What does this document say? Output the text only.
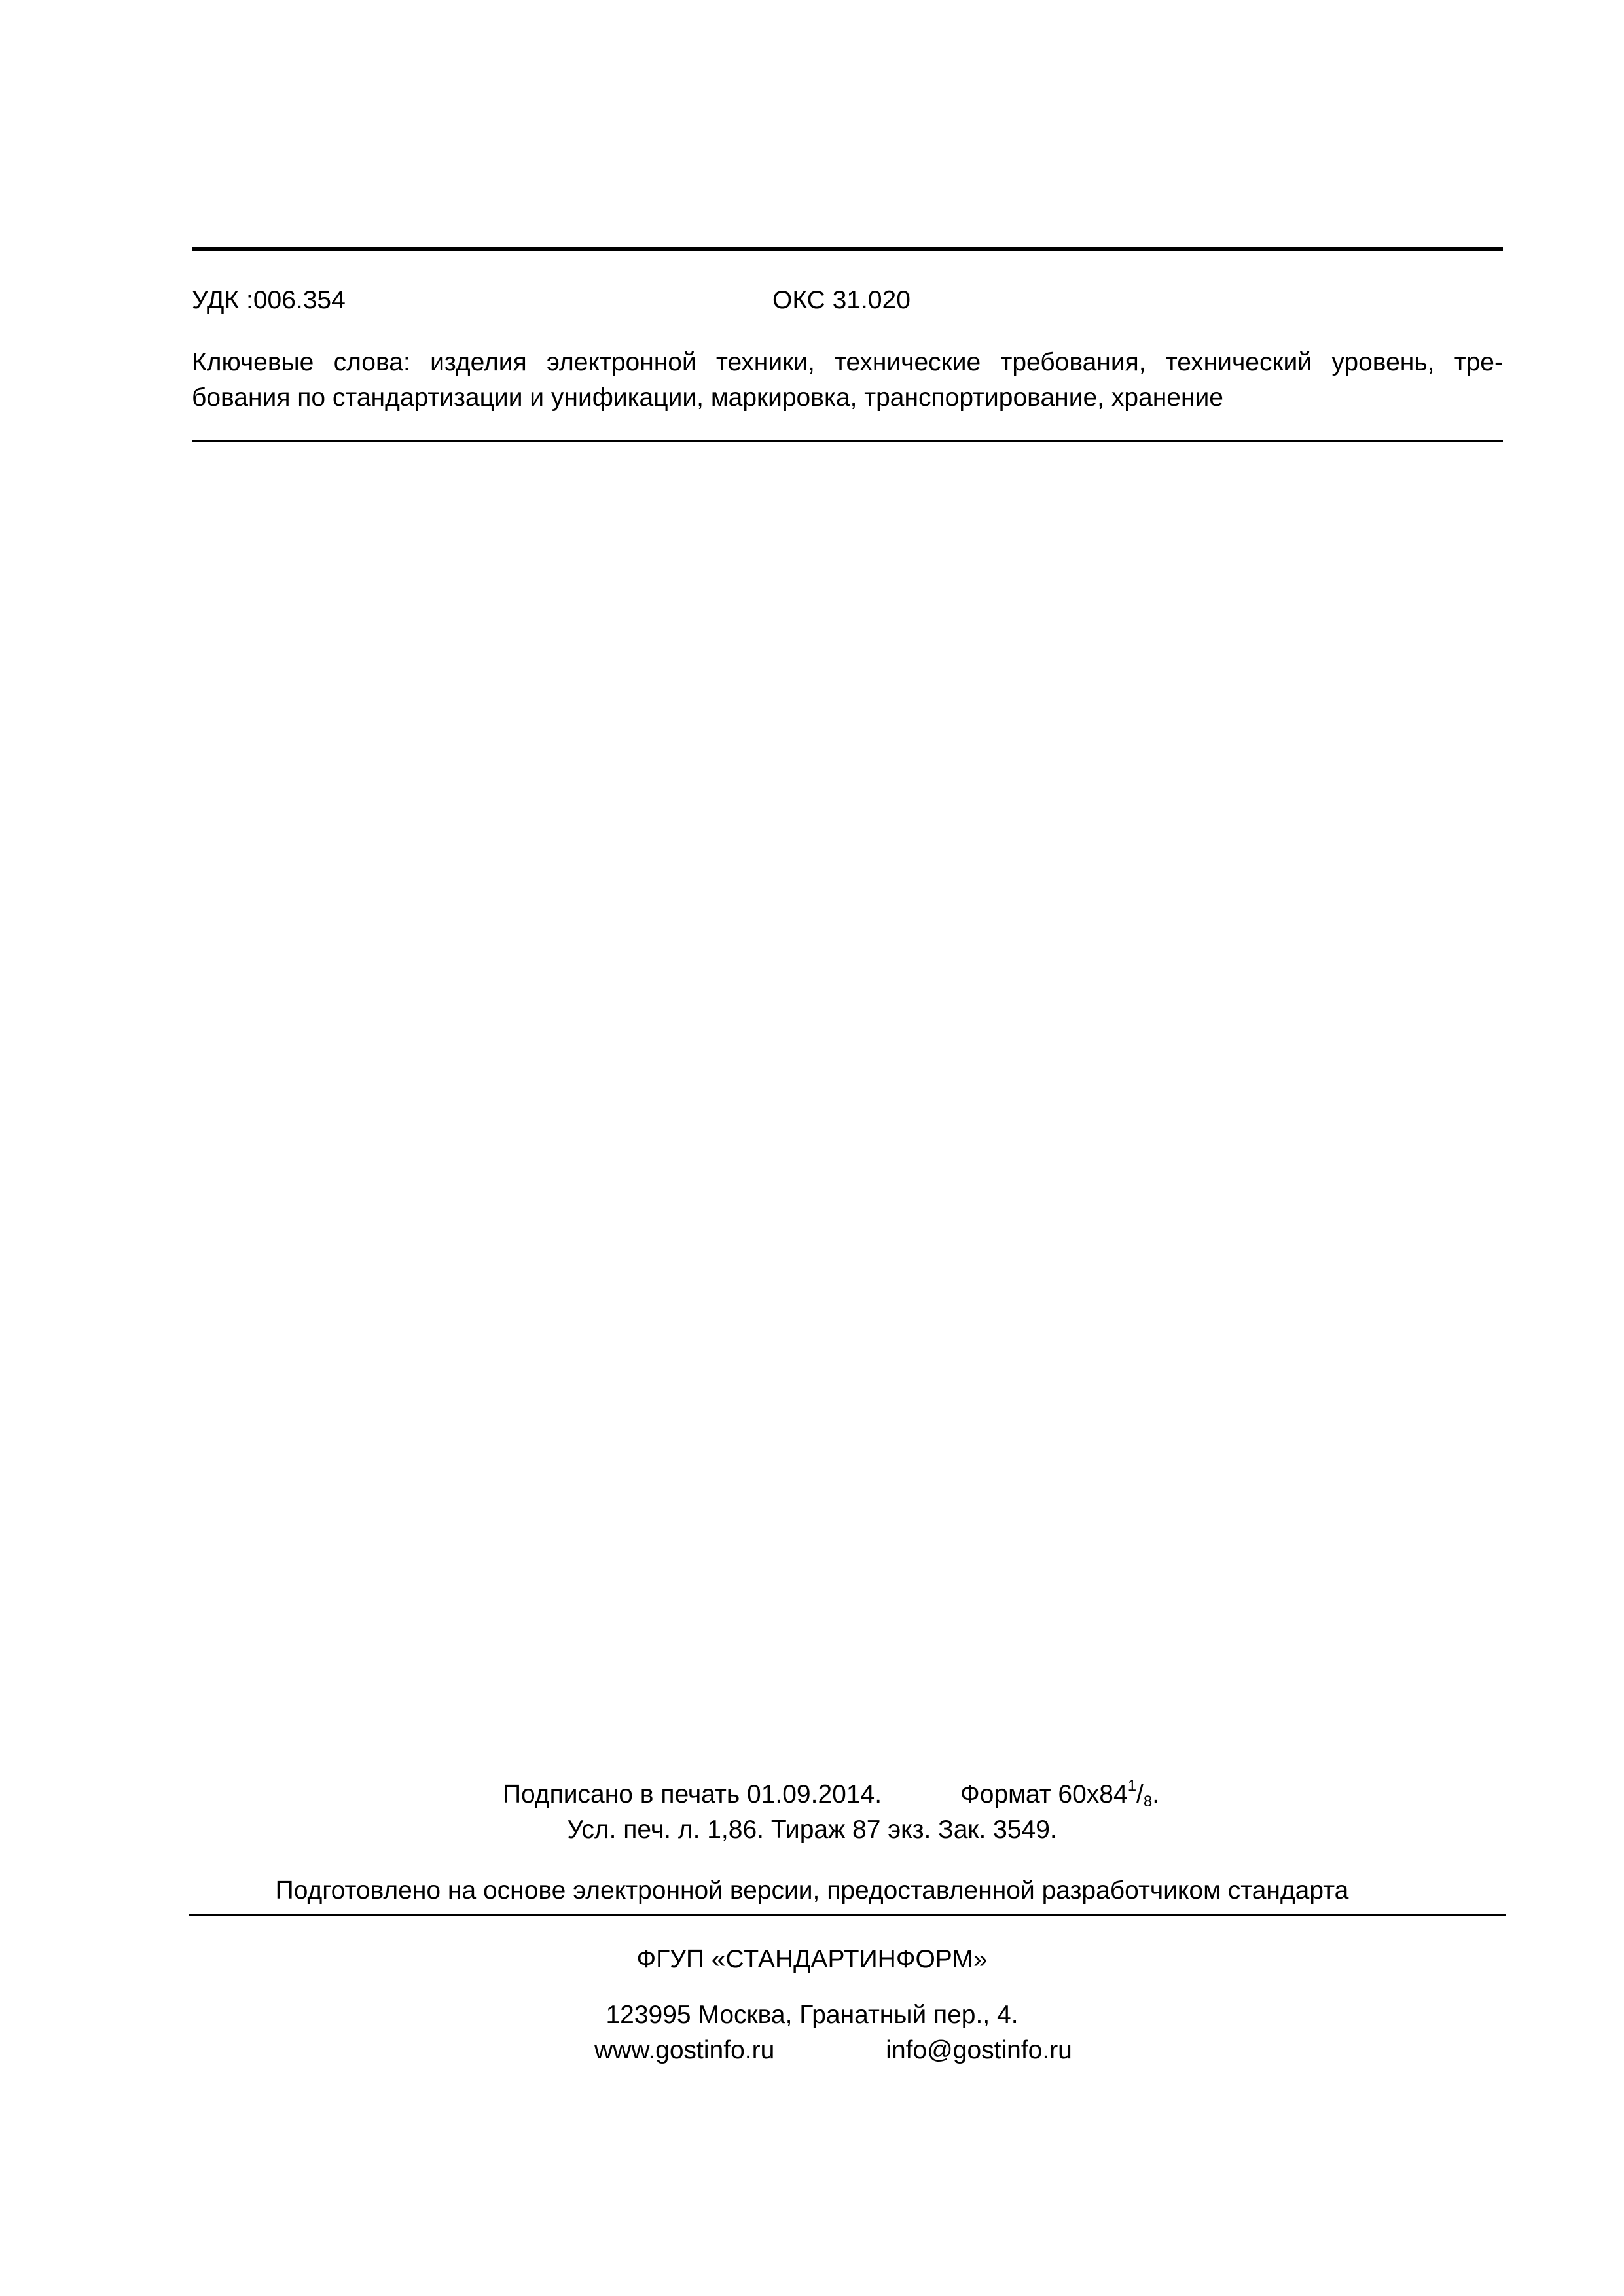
УДК :006.354	ОКС 31.020
Ключевые слова: изделия электронной техники, технические требования, технический уровень, тре-
бования по стандартизации и унификации, маркировка, транспортирование, хранение
Подписано в печать 01.09.2014.	Формат $60х84^1/8$.
Усл. печ. л. 1,86. Тираж 87 экз. Зак. 3549.
Подготовлено на основе электронной версии, предоставленной разработчиком стандарта
ФГУП «СТАНДАРТИНФОРМ»
123995 Москва, Гранатный пер., 4.
www.gostinfo.ru	info@gostinfo.ru
